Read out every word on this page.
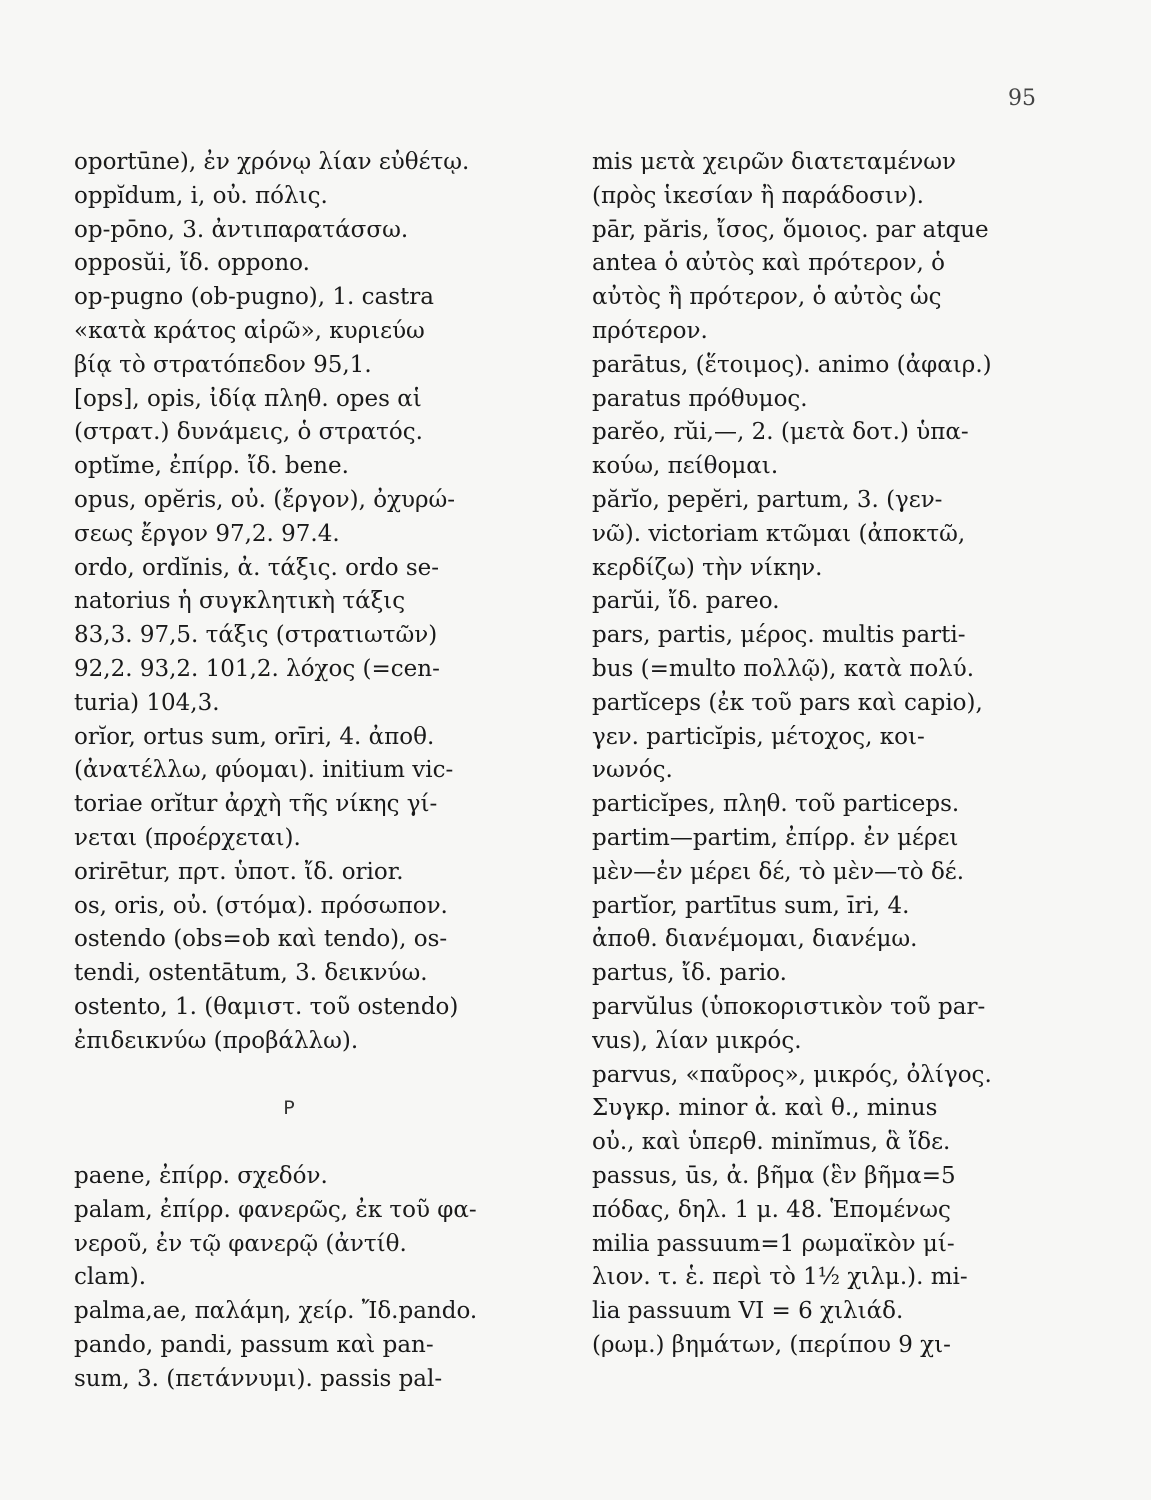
95
oportūne), ἐν χρόνῳ λίαν εὐθέτῳ.
oppĭdum, i, οὐ. πόλις.
op-pōno, 3. ἀντιπαρατάσσω.
opposŭi, ἴδ. oppono.
op-pugno (ob-pugno), 1. castra
«κατὰ κράτος αἱρῶ», κυριεύω
βίᾳ τὸ στρατόπεδον 95,1.
[ops], opis, ἰδίᾳ πληθ. opes αἱ
(στρατ.) δυνάμεις, ὁ στρατός.
optĭme, ἐπίρρ. ἴδ. bene.
opus, opĕris, οὐ. (ἔργον), ὀχυρώ-
σεως ἔργον 97,2. 97.4.
ordo, ordĭnis, ἀ. τάξις. ordo se-
natorius ἡ συγκλητικὴ τάξις
83,3. 97,5. τάξις (στρατιωτῶν)
92,2. 93,2. 101,2. λόχος (=cen-
turia) 104,3.
orĭor, ortus sum, orīri, 4. ἀποθ.
(ἀνατέλλω, φύομαι). initium vic-
toriae orĭtur ἀρχὴ τῆς νίκης γί-
νεται (προέρχεται).
orirētur, πρτ. ὑποτ. ἴδ. orior.
os, oris, οὐ. (στόμα). πρόσωπον.
ostendo (obs=ob καὶ tendo), os-
tendi, ostentātum, 3. δεικνύω.
ostento, 1. (θαμιστ. τοῦ ostendo)
ἐπιδεικνύω (προβάλλω).

P

paene, ἐπίρρ. σχεδόν.
palam, ἐπίρρ. φανερῶς, ἐκ τοῦ φα-
νεροῦ, ἐν τῷ φανερῷ (ἀντίθ.
clam).
palma,ae, παλάμη, χείρ. Ἴδ.pando.
pando, pandi, passum καὶ pan-
sum, 3. (πετάννυμι). passis pal-
mis μετὰ χειρῶν διατεταμένων
(πρὸς ἱκεσίαν ἢ παράδοσιν).
pār, păris, ἴσος, ὅμοιος. par atque
antea ὁ αὐτὸς καὶ πρότερον, ὁ
αὐτὸς ἢ πρότερον, ὁ αὐτὸς ὡς
πρότερον.
parātus, (ἕτοιμος). animo (ἀφαιρ.)
paratus πρόθυμος.
parĕo, rŭi,—, 2. (μετὰ δοτ.) ὑπα-
κούω, πείθομαι.
părĭo, pepĕri, partum, 3. (γεν-
νῶ). victoriam κτῶμαι (ἀποκτῶ,
κερδίζω) τὴν νίκην.
parŭi, ἴδ. pareo.
pars, partis, μέρος. multis parti-
bus (=multo πολλῷ), κατὰ πολύ.
partĭceps (ἐκ τοῦ pars καὶ capio),
γεν. particĭpis, μέτοχος, κοι-
νωνός.
particĭpes, πληθ. τοῦ particeps.
partim—partim, ἐπίρρ. ἐν μέρει
μὲν—ἐν μέρει δέ, τὸ μὲν—τὸ δέ.
partĭor, partītus sum, īri, 4.
ἀποθ. διανέμομαι, διανέμω.
partus, ἴδ. pario.
parvŭlus (ὑποκοριστικὸν τοῦ par-
vus), λίαν μικρός.
parvus, «παῦρος», μικρός, ὀλίγος.
Συγκρ. minor ἀ. καὶ θ., minus
οὐ., καὶ ὑπερθ. minĭmus, ἃ ἴδε.
passus, ūs, ἀ. βῆμα (ἓν βῆμα=5
πόδας, δηλ. 1 μ. 48. Ἑπομένως
milia passuum=1 ρωμαϊκὸν μί-
λιον. τ. ἑ. περὶ τὸ 1½ χιλμ.). mi-
lia passuum VI = 6 χιλιάδ.
(ρωμ.) βημάτων, (περίπου 9 χι-
